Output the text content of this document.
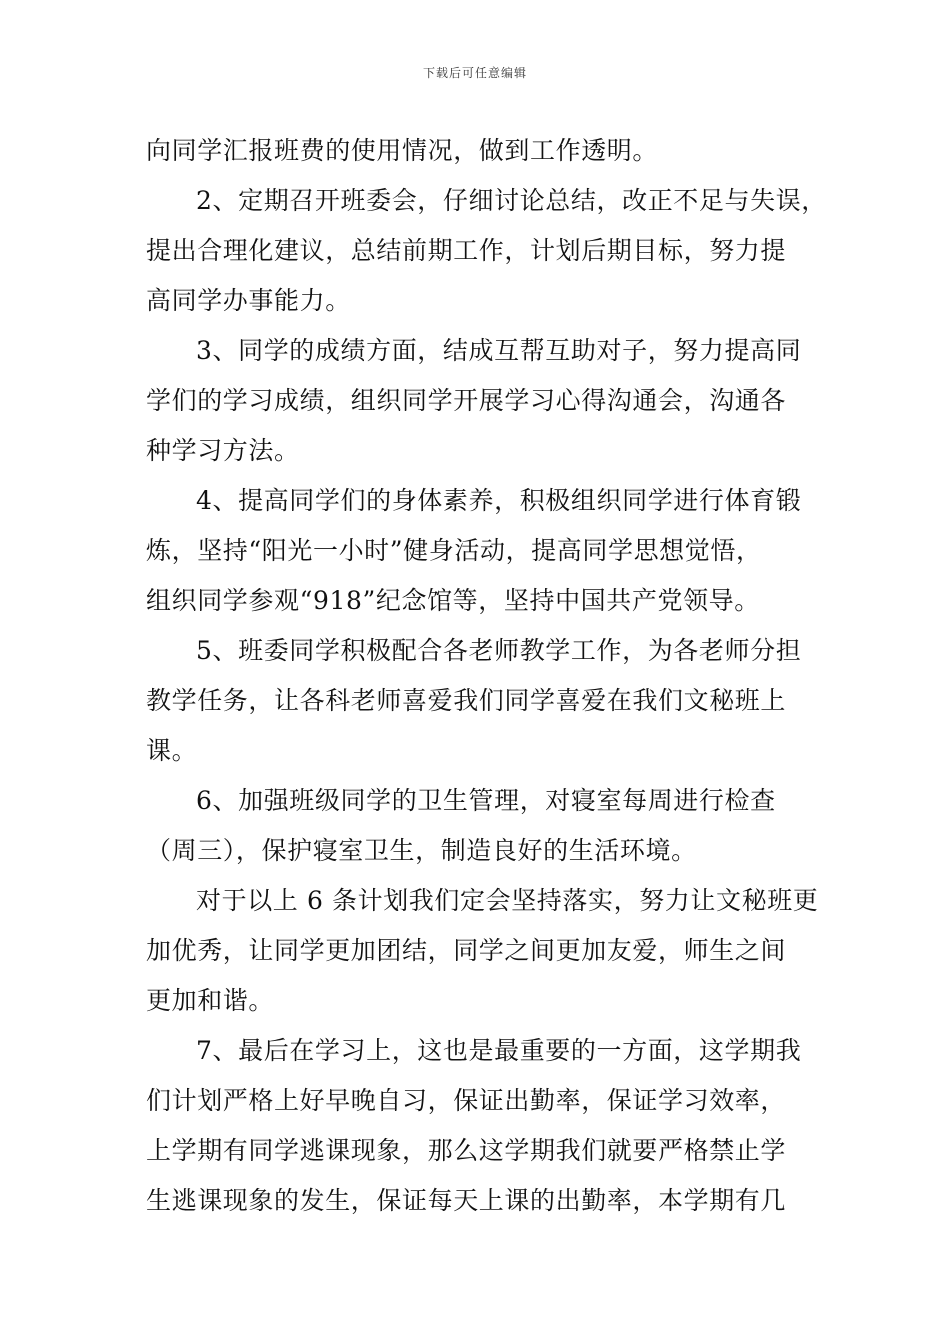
下载后可任意编辑
向同学汇报班费的使用情况，做到工作透明。
2、定期召开班委会，仔细讨论总结，改正不足与失误，
提出合理化建议，总结前期工作，计划后期目标，努力提
高同学办事能力。
3、同学的成绩方面，结成互帮互助对子，努力提高同
学们的学习成绩，组织同学开展学习心得沟通会，沟通各
种学习方法。
4、提高同学们的身体素养，积极组织同学进行体育锻
炼，坚持“阳光一小时”健身活动，提高同学思想觉悟，
组织同学参观“918”纪念馆等，坚持中国共产党领导。
5、班委同学积极配合各老师教学工作，为各老师分担
教学任务，让各科老师喜爱我们同学喜爱在我们文秘班上
课。
6、加强班级同学的卫生管理，对寝室每周进行检查
（周三），保护寝室卫生，制造良好的生活环境。
对于以上 6 条计划我们定会坚持落实，努力让文秘班更
加优秀，让同学更加团结，同学之间更加友爱，师生之间
更加和谐。
7、最后在学习上，这也是最重要的一方面，这学期我
们计划严格上好早晚自习，保证出勤率，保证学习效率，
上学期有同学逃课现象，那么这学期我们就要严格禁止学
生逃课现象的发生，保证每天上课的出勤率，本学期有几
